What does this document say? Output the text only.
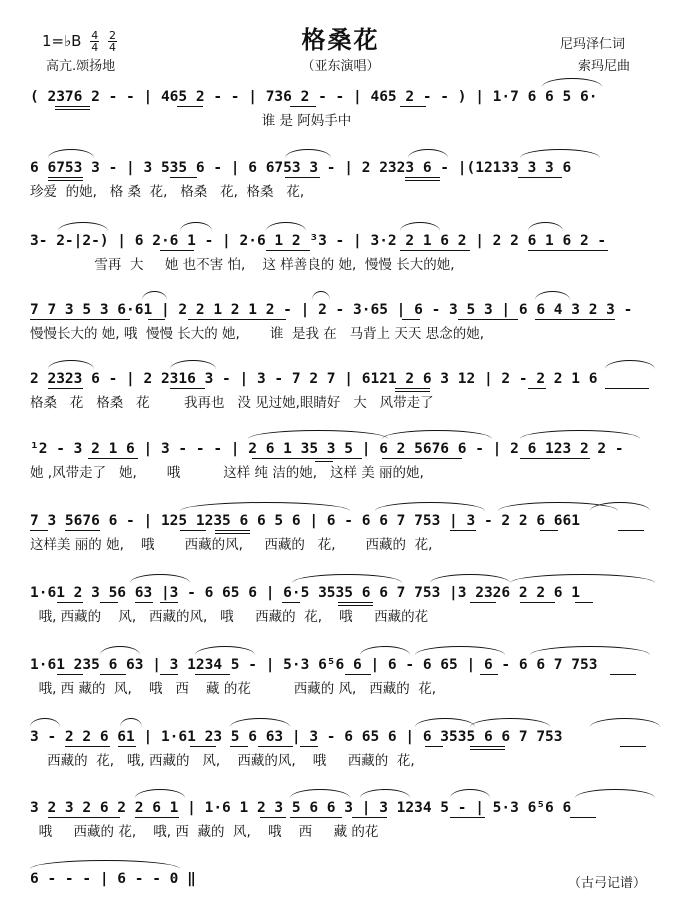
格桑花
（亚东演唱）
1=♭B $\frac{4}{4}$
$\frac{2}{4}$
高亢.颂扬地
尼玛泽仁词
索玛尼曲
( 2376 2 - - | 465 2 - - | 736 2 - - | 465 2 - - ) | 1·7 6 6 5 6·
谁 是 阿妈手中
6 6753 3 - | 3 535 6 - | 6 6753 3 - | 2 2323 6 - |(12133 3 3 6
珍爱  的她,   格 桑  花,   格桑   花,  格桑   花,
3- 2-|2-) | 6 2·6 1 - | 2·6 1 2 ³3 - | 3·2 2 1 6 2 | 2 2 6 1 6 2 -
雪再  大     她 也不害 怕,    这 样善良的 她,  慢慢 长大的她,
7 7 3 5 3 6·61 | 2 2 1 2 1 2 - | 2 - 3·65 | 6 - 3 5 3 | 6 6 4 3 2 3 -
慢慢长大的 她, 哦  慢慢 长大的 她,       谁  是我 在   马背上 天天 思念的她,
2 2323 6 - | 2 2316 3 - | 3 - 7 2 7 | 6121 2 6 3 12 | 2 - 2 2 1 6
格桑   花   格桑   花        我再也   没 见过她,眼睛好   大   风带走了
¹2 - 3 2 1 6 | 3 - - - | 2 6 1 35 3 5 | 6 2 5676 6 - | 2 6 123 2 2 -
她 ,风带走了   她,       哦          这样 纯 洁的她,   这样 美 丽的她,
7 3 5676 6 - | 125 1235 6 6 5 6 | 6 - 6 6 7 753 | 3 - 2 2 6 661
这样美 丽的 她,    哦       西藏的风,     西藏的   花,       西藏的  花,
1·61 2 3 56 63 |3 - 6 65 6 | 6·5 3535 6 6 7 753 |3 2326 2 2 6 1
哦, 西藏的    风,   西藏的风,   哦     西藏的  花,    哦     西藏的花
1·61 235 6 63 | 3 1234 5 - | 5·3 6⁵6 6 | 6 - 6 65 | 6 - 6 6 7 753
哦, 西 藏的  风,    哦   西    藏 的花          西藏的 风,   西藏的  花,
3 - 2 2 6 61 | 1·61 23 5 6 63 | 3 - 6 65 6 | 6 3535 6 6 7 753
西藏的  花,   哦, 西藏的   风,    西藏的风,    哦     西藏的  花,
3 2 3 2 6 2 2 6 1 | 1·6 1 2 3 5 6 6 3 | 3 1234 5 - | 5·3 6⁵6 6
哦     西藏的 花,    哦, 西  藏的  风,    哦    西     藏 的花
6 - - - | 6 - - 0 ‖	（古弓记谱）
